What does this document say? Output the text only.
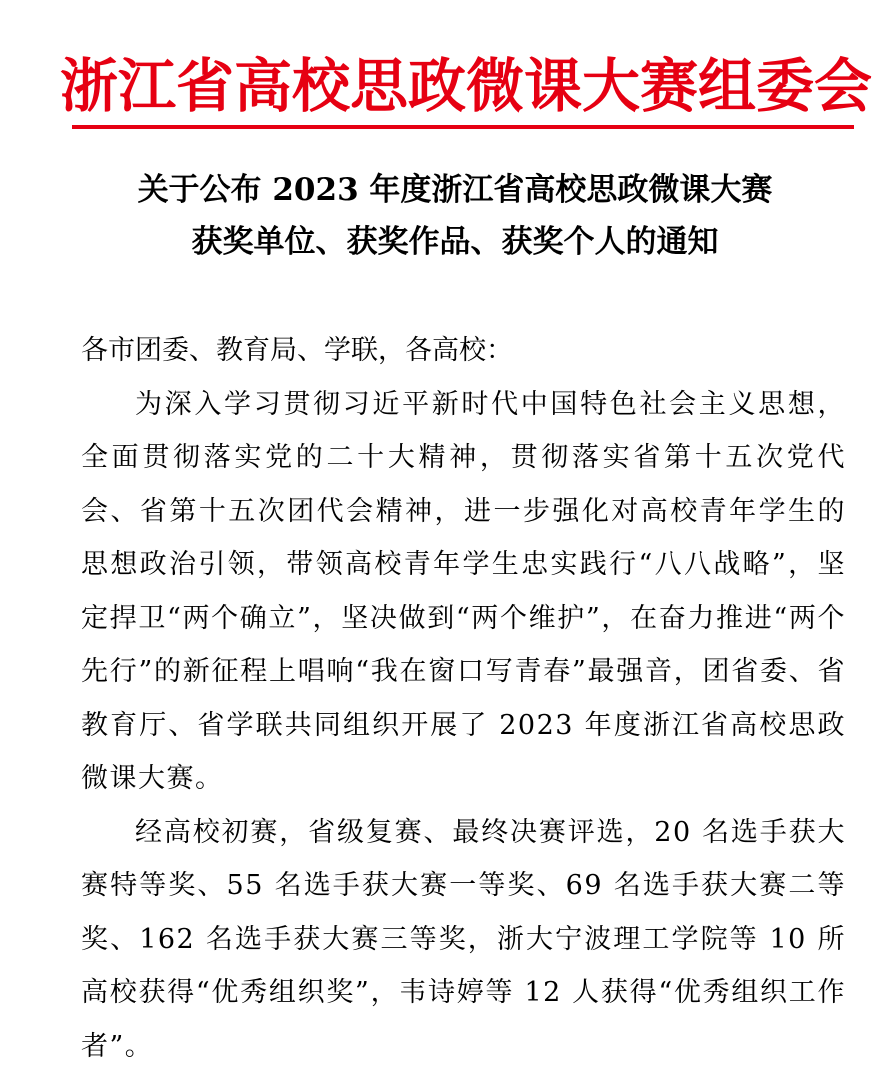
浙江省高校思政微课大赛组委会
关于公布 2023 年度浙江省高校思政微课大赛
获奖单位、获奖作品、获奖个人的通知

各市团委、教育局、学联，各高校：

为深入学习贯彻习近平新时代中国特色社会主义思想，全面贯彻落实党的二十大精神，贯彻落实省第十五次党代会、省第十五次团代会精神，进一步强化对高校青年学生的思想政治引领，带领高校青年学生忠实践行“八八战略”，坚定捍卫“两个确立”，坚决做到“两个维护”，在奋力推进“两个先行”的新征程上唱响“我在窗口写青春”最强音，团省委、省教育厅、省学联共同组织开展了 2023 年度浙江省高校思政微课大赛。

经高校初赛，省级复赛、最终决赛评选，20 名选手获大赛特等奖、55 名选手获大赛一等奖、69 名选手获大赛二等奖、162 名选手获大赛三等奖，浙大宁波理工学院等 10 所高校获得“优秀组织奖”，韦诗婷等 12 人获得“优秀组织工作者”。
